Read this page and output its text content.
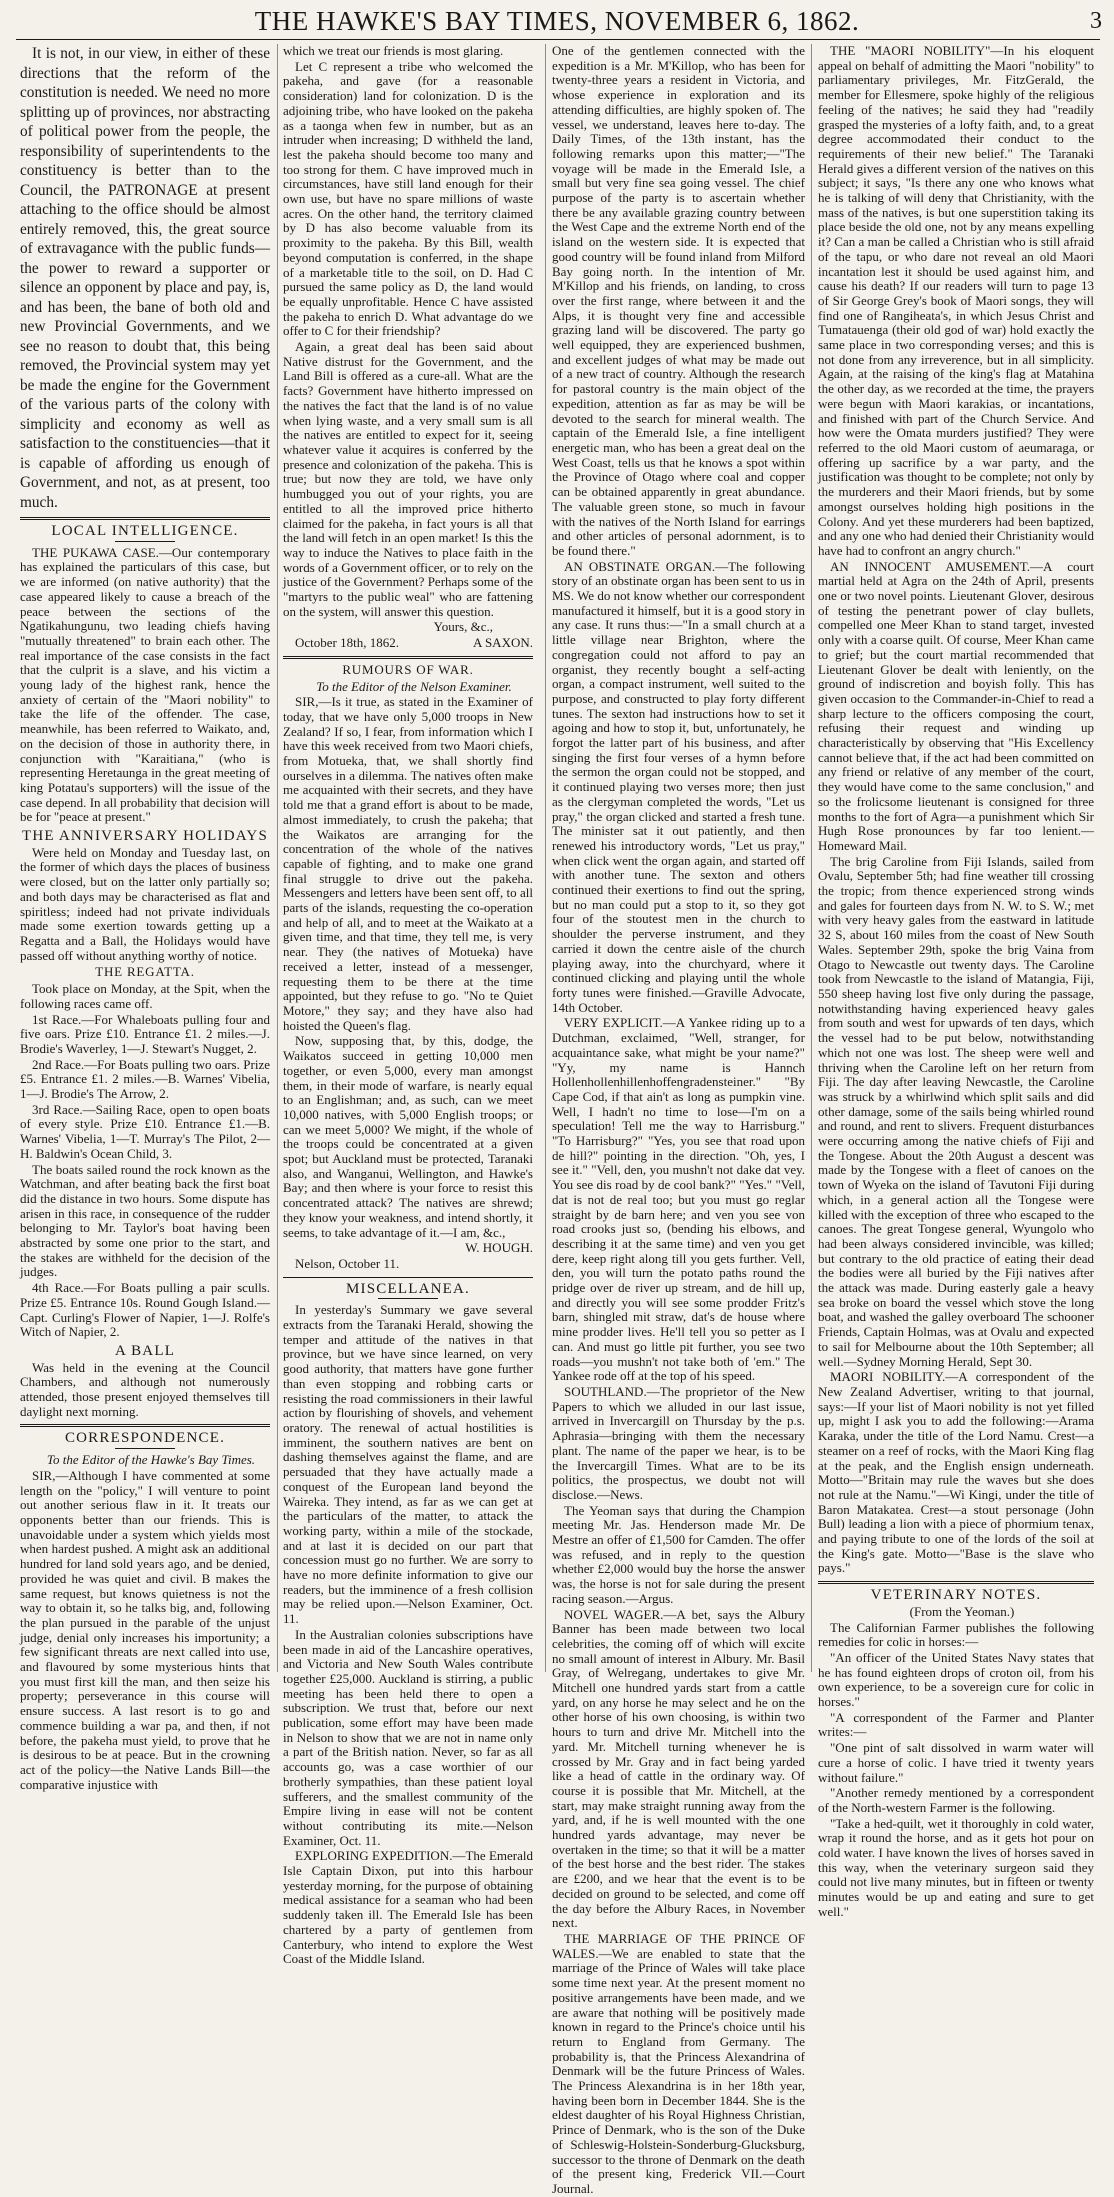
THE HAWKE'S BAY TIMES, NOVEMBER 6, 1862.	3

It is not, in our view, in either of these directions that the reform of the constitution is needed. We need no more splitting up of provinces, nor abstracting of political power from the people, the responsibility of superintendents to the constituency is better than to the Council, the PATRONAGE at present attaching to the office should be almost entirely removed, this, the great source of extravagance with the public funds—the power to reward a supporter or silence an opponent by place and pay, is, and has been, the bane of both old and new Provincial Governments, and we see no reason to doubt that, this being removed, the Provincial system may yet be made the engine for the Government of the various parts of the colony with simplicity and economy as well as satisfaction to the constituencies—that it is capable of affording us enough of Government, and not, as at present, too much.

LOCAL INTELLIGENCE.

THE PUKAWA CASE.—Our contemporary has explained the particulars of this case, but we are informed (on native authority) that the case appeared likely to cause a breach of the peace between the sections of the Ngatikahungunu, two leading chiefs having "mutually threatened" to brain each other. The real importance of the case consists in the fact that the culprit is a slave, and his victim a young lady of the highest rank, hence the anxiety of certain of the "Maori nobility" to take the life of the offender. The case, meanwhile, has been referred to Waikato, and, on the decision of those in authority there, in conjunction with "Karaitiana," (who is representing Heretaunga in the great meeting of king Potatau's supporters) will the issue of the case depend. In all probability that decision will be for "peace at present."

THE ANNIVERSARY HOLIDAYS

Were held on Monday and Tuesday last, on the former of which days the places of business were closed, but on the latter only partially so; and both days may be characterised as flat and spiritless; indeed had not private individuals made some exertion towards getting up a Regatta and a Ball, the Holidays would have passed off without anything worthy of notice.

THE REGATTA.

Took place on Monday, at the Spit, when the following races came off.

1st Race.—For Whaleboats pulling four and five oars. Prize £10. Entrance £1. 2 miles.—J. Brodie's Waverley, 1—J. Stewart's Nugget, 2.

2nd Race.—For Boats pulling two oars. Prize £5. Entrance £1. 2 miles.—B. Warnes' Vibelia, 1—J. Brodie's The Arrow, 2.

3rd Race.—Sailing Race, open to open boats of every style. Prize £10. Entrance £1.—B. Warnes' Vibelia, 1—T. Murray's The Pilot, 2—H. Baldwin's Ocean Child, 3.

The boats sailed round the rock known as the Watchman, and after beating back the first boat did the distance in two hours. Some dispute has arisen in this race, in consequence of the rudder belonging to Mr. Taylor's boat having been abstracted by some one prior to the start, and the stakes are withheld for the decision of the judges.

4th Race.—For Boats pulling a pair sculls. Prize £5. Entrance 10s. Round Gough Island.—Capt. Curling's Flower of Napier, 1—J. Rolfe's Witch of Napier, 2.

A BALL

Was held in the evening at the Council Chambers, and although not numerously attended, those present enjoyed themselves till daylight next morning.

CORRESPONDENCE.

To the Editor of the Hawke's Bay Times.

SIR,—Although I have commented at some length on the "policy," I will venture to point out another serious flaw in it. It treats our opponents better than our friends. This is unavoidable under a system which yields most when hardest pushed. A might ask an additional hundred for land sold years ago, and be denied, provided he was quiet and civil. B makes the same request, but knows quietness is not the way to obtain it, so he talks big, and, following the plan pursued in the parable of the unjust judge, denial only increases his importunity; a few significant threats are next called into use, and flavoured by some mysterious hints that you must first kill the man, and then seize his property; perseverance in this course will ensure success. A last resort is to go and commence building a war pa, and then, if not before, the pakeha must yield, to prove that he is desirous to be at peace. But in the crowning act of the policy—the Native Lands Bill—the comparative injustice with

which we treat our friends is most glaring.

Let C represent a tribe who welcomed the pakeha, and gave (for a reasonable consideration) land for colonization. D is the adjoining tribe, who have looked on the pakeha as a taonga when few in number, but as an intruder when increasing; D withheld the land, lest the pakeha should become too many and too strong for them. C have improved much in circumstances, have still land enough for their own use, but have no spare millions of waste acres. On the other hand, the territory claimed by D has also become valuable from its proximity to the pakeha. By this Bill, wealth beyond computation is conferred, in the shape of a marketable title to the soil, on D. Had C pursued the same policy as D, the land would be equally unprofitable. Hence C have assisted the pakeha to enrich D. What advantage do we offer to C for their friendship?

Again, a great deal has been said about Native distrust for the Government, and the Land Bill is offered as a cure-all. What are the facts? Government have hitherto impressed on the natives the fact that the land is of no value when lying waste, and a very small sum is all the natives are entitled to expect for it, seeing whatever value it acquires is conferred by the presence and colonization of the pakeha. This is true; but now they are told, we have only humbugged you out of your rights, you are entitled to all the improved price hitherto claimed for the pakeha, in fact yours is all that the land will fetch in an open market! Is this the way to induce the Natives to place faith in the words of a Government officer, or to rely on the justice of the Government? Perhaps some of the "martyrs to the public weal" who are fattening on the system, will answer this question.

Yours, &c.,

October 18th, 1862.	A SAXON.

RUMOURS OF WAR.

To the Editor of the Nelson Examiner.

SIR,—Is it true, as stated in the Examiner of today, that we have only 5,000 troops in New Zealand? If so, I fear, from information which I have this week received from two Maori chiefs, from Motueka, that, we shall shortly find ourselves in a dilemma. The natives often make me acquainted with their secrets, and they have told me that a grand effort is about to be made, almost immediately, to crush the pakeha; that the Waikatos are arranging for the concentration of the whole of the natives capable of fighting, and to make one grand final struggle to drive out the pakeha. Messengers and letters have been sent off, to all parts of the islands, requesting the co-operation and help of all, and to meet at the Waikato at a given time, and that time, they tell me, is very near. They (the natives of Motueka) have received a letter, instead of a messenger, requesting them to be there at the time appointed, but they refuse to go. "No te Quiet Motore," they say; and they have also had hoisted the Queen's flag.

Now, supposing that, by this, dodge, the Waikatos succeed in getting 10,000 men together, or even 5,000, every man amongst them, in their mode of warfare, is nearly equal to an Englishman; and, as such, can we meet 10,000 natives, with 5,000 English troops; or can we meet 5,000? We might, if the whole of the troops could be concentrated at a given spot; but Auckland must be protected, Taranaki also, and Wanganui, Wellington, and Hawke's Bay; and then where is your force to resist this concentrated attack? The natives are shrewd; they know your weakness, and intend shortly, it seems, to take advantage of it.—I am, &c.,

W. HOUGH.

Nelson, October 11.

MISCELLANEA.

In yesterday's Summary we gave several extracts from the Taranaki Herald, showing the temper and attitude of the natives in that province, but we have since learned, on very good authority, that matters have gone further than even stopping and robbing carts or resisting the road commissioners in their lawful action by flourishing of shovels, and vehement oratory. The renewal of actual hostilities is imminent, the southern natives are bent on dashing themselves against the flame, and are persuaded that they have actually made a conquest of the European land beyond the Waireka. They intend, as far as we can get at the particulars of the matter, to attack the working party, within a mile of the stockade, and at last it is decided on our part that concession must go no further. We are sorry to have no more definite information to give our readers, but the imminence of a fresh collision may be relied upon.—Nelson Examiner, Oct. 11.

In the Australian colonies subscriptions have been made in aid of the Lancashire operatives, and Victoria and New South Wales contribute together £25,000. Auckland is stirring, a public meeting has been held there to open a subscription. We trust that, before our next publication, some effort may have been made in Nelson to show that we are not in name only a part of the British nation. Never, so far as all accounts go, was a case worthier of our brotherly sympathies, than these patient loyal sufferers, and the smallest community of the Empire living in ease will not be content without contributing its mite.—Nelson Examiner, Oct. 11.

EXPLORING EXPEDITION.—The Emerald Isle Captain Dixon, put into this harbour yesterday morning, for the purpose of obtaining medical assistance for a seaman who had been suddenly taken ill. The Emerald Isle has been chartered by a party of gentlemen from Canterbury, who intend to explore the West Coast of the Middle Island.

One of the gentlemen connected with the expedition is a Mr. M'Killop, who has been for twenty-three years a resident in Victoria, and whose experience in exploration and its attending difficulties, are highly spoken of. The vessel, we understand, leaves here to-day. The Daily Times, of the 13th instant, has the following remarks upon this matter;—"The voyage will be made in the Emerald Isle, a small but very fine sea going vessel. The chief purpose of the party is to ascertain whether there be any available grazing country between the West Cape and the extreme North end of the island on the western side. It is expected that good country will be found inland from Milford Bay going north. In the intention of Mr. M'Killop and his friends, on landing, to cross over the first range, where between it and the Alps, it is thought very fine and accessible grazing land will be discovered. The party go well equipped, they are experienced bushmen, and excellent judges of what may be made out of a new tract of country. Although the research for pastoral country is the main object of the expedition, attention as far as may be will be devoted to the search for mineral wealth. The captain of the Emerald Isle, a fine intelligent energetic man, who has been a great deal on the West Coast, tells us that he knows a spot within the Province of Otago where coal and copper can be obtained apparently in great abundance. The valuable green stone, so much in favour with the natives of the North Island for earrings and other articles of personal adornment, is to be found there."

AN OBSTINATE ORGAN.—The following story of an obstinate organ has been sent to us in MS. We do not know whether our correspondent manufactured it himself, but it is a good story in any case. It runs thus:—"In a small church at a little village near Brighton, where the congregation could not afford to pay an organist, they recently bought a self-acting organ, a compact instrument, well suited to the purpose, and constructed to play forty different tunes. The sexton had instructions how to set it agoing and how to stop it, but, unfortunately, he forgot the latter part of his business, and after singing the first four verses of a hymn before the sermon the organ could not be stopped, and it continued playing two verses more; then just as the clergyman completed the words, "Let us pray," the organ clicked and started a fresh tune. The minister sat it out patiently, and then renewed his introductory words, "Let us pray," when click went the organ again, and started off with another tune. The sexton and others continued their exertions to find out the spring, but no man could put a stop to it, so they got four of the stoutest men in the church to shoulder the perverse instrument, and they carried it down the centre aisle of the church playing away, into the churchyard, where it continued clicking and playing until the whole forty tunes were finished.—Graville Advocate, 14th October.

VERY EXPLICIT.—A Yankee riding up to a Dutchman, exclaimed, "Well, stranger, for acquaintance sake, what might be your name?" "Yy, my name is Hannch Hollenhollenhillenhoffengradensteiner." "By Cape Cod, if that ain't as long as pumpkin vine. Well, I hadn't no time to lose—I'm on a speculation! Tell me the way to Harrisburg." "To Harrisburg?" "Yes, you see that road upon de hill?" pointing in the direction. "Oh, yes, I see it." "Vell, den, you mushn't not dake dat vey. You see dis road by de cool bank?" "Yes." "Vell, dat is not de real too; but you must go reglar straight by de barn here; and ven you see von road crooks just so, (bending his elbows, and describing it at the same time) and ven you get dere, keep right along till you gets further. Vell, den, you will turn the potato paths round the pridge over de river up stream, and de hill up, and directly you will see some prodder Fritz's barn, shingled mit straw, dat's de house where mine prodder lives. He'll tell you so petter as I can. And must go little pit further, you see two roads—you mushn't not take both of 'em." The Yankee rode off at the top of his speed.

SOUTHLAND.—The proprietor of the New Papers to which we alluded in our last issue, arrived in Invercargill on Thursday by the p.s. Aphrasia—bringing with them the necessary plant. The name of the paper we hear, is to be the Invercargill Times. What are to be its politics, the prospectus, we doubt not will disclose.—News.

The Yeoman says that during the Champion meeting Mr. Jas. Henderson made Mr. De Mestre an offer of £1,500 for Camden. The offer was refused, and in reply to the question whether £2,000 would buy the horse the answer was, the horse is not for sale during the present racing season.—Argus.

NOVEL WAGER.—A bet, says the Albury Banner has been made between two local celebrities, the coming off of which will excite no small amount of interest in Albury. Mr. Basil Gray, of Welregang, undertakes to give Mr. Mitchell one hundred yards start from a cattle yard, on any horse he may select and he on the other horse of his own choosing, is within two hours to turn and drive Mr. Mitchell into the yard. Mr. Mitchell turning whenever he is crossed by Mr. Gray and in fact being yarded like a head of cattle in the ordinary way. Of course it is possible that Mr. Mitchell, at the start, may make straight running away from the yard, and, if he is well mounted with the one hundred yards advantage, may never be overtaken in the time; so that it will be a matter of the best horse and the best rider. The stakes are £200, and we hear that the event is to be decided on ground to be selected, and come off the day before the Albury Races, in November next.

THE MARRIAGE OF THE PRINCE OF WALES.—We are enabled to state that the marriage of the Prince of Wales will take place some time next year. At the present moment no positive arrangements have been made, and we are aware that nothing will be positively made known in regard to the Prince's choice until his return to England from Germany. The probability is, that the Princess Alexandrina of Denmark will be the future Princess of Wales. The Princess Alexandrina is in her 18th year, having been born in December 1844. She is the eldest daughter of his Royal Highness Christian, Prince of Denmark, who is the son of the Duke of Schleswig-Holstein-Sonderburg-Glucksburg, successor to the throne of Denmark on the death of the present king, Frederick VII.—Court Journal.

THE "MAORI NOBILITY"—In his eloquent appeal on behalf of admitting the Maori "nobility" to parliamentary privileges, Mr. FitzGerald, the member for Ellesmere, spoke highly of the religious feeling of the natives; he said they had "readily grasped the mysteries of a lofty faith, and, to a great degree accommodated their conduct to the requirements of their new belief." The Taranaki Herald gives a different version of the natives on this subject; it says, "Is there any one who knows what he is talking of will deny that Christianity, with the mass of the natives, is but one superstition taking its place beside the old one, not by any means expelling it? Can a man be called a Christian who is still afraid of the tapu, or who dare not reveal an old Maori incantation lest it should be used against him, and cause his death? If our readers will turn to page 13 of Sir George Grey's book of Maori songs, they will find one of Rangiheata's, in which Jesus Christ and Tumatauenga (their old god of war) hold exactly the same place in two corresponding verses; and this is not done from any irreverence, but in all simplicity. Again, at the raising of the king's flag at Matahina the other day, as we recorded at the time, the prayers were begun with Maori karakias, or incantations, and finished with part of the Church Service. And how were the Omata murders justified? They were referred to the old Maori custom of aeumaraga, or offering up sacrifice by a war party, and the justification was thought to be complete; not only by the murderers and their Maori friends, but by some amongst ourselves holding high positions in the Colony. And yet these murderers had been baptized, and any one who had denied their Christianity would have had to confront an angry church."

AN INNOCENT AMUSEMENT.—A court martial held at Agra on the 24th of April, presents one or two novel points. Lieutenant Glover, desirous of testing the penetrant power of clay bullets, compelled one Meer Khan to stand target, invested only with a coarse quilt. Of course, Meer Khan came to grief; but the court martial recommended that Lieutenant Glover be dealt with leniently, on the ground of indiscretion and boyish folly. This has given occasion to the Commander-in-Chief to read a sharp lecture to the officers composing the court, refusing their request and winding up characteristically by observing that "His Excellency cannot believe that, if the act had been committed on any friend or relative of any member of the court, they would have come to the same conclusion," and so the frolicsome lieutenant is consigned for three months to the fort of Agra—a punishment which Sir Hugh Rose pronounces by far too lenient.—Homeward Mail.

The brig Caroline from Fiji Islands, sailed from Ovalu, September 5th; had fine weather till crossing the tropic; from thence experienced strong winds and gales for fourteen days from N. W. to S. W.; met with very heavy gales from the eastward in latitude 32 S, about 160 miles from the coast of New South Wales. September 29th, spoke the brig Vaina from Otago to Newcastle out twenty days. The Caroline took from Newcastle to the island of Matangia, Fiji, 550 sheep having lost five only during the passage, notwithstanding having experienced heavy gales from south and west for upwards of ten days, which the vessel had to be put below, notwithstanding which not one was lost. The sheep were well and thriving when the Caroline left on her return from Fiji. The day after leaving Newcastle, the Caroline was struck by a whirlwind which split sails and did other damage, some of the sails being whirled round and round, and rent to slivers. Frequent disturbances were occurring among the native chiefs of Fiji and the Tongese. About the 20th August a descent was made by the Tongese with a fleet of canoes on the town of Wyeka on the island of Tavutoni Fiji during which, in a general action all the Tongese were killed with the exception of three who escaped to the canoes. The great Tongese general, Wyungolo who had been always considered invincible, was killed; but contrary to the old practice of eating their dead the bodies were all buried by the Fiji natives after the attack was made. During easterly gale a heavy sea broke on board the vessel which stove the long boat, and washed the galley overboard The schooner Friends, Captain Holmas, was at Ovalu and expected to sail for Melbourne about the 10th September; all well.—Sydney Morning Herald, Sept 30.

MAORI NOBILITY.—A correspondent of the New Zealand Advertiser, writing to that journal, says:—If your list of Maori nobility is not yet filled up, might I ask you to add the following:—Arama Karaka, under the title of the Lord Namu. Crest—a steamer on a reef of rocks, with the Maori King flag at the peak, and the English ensign underneath. Motto—"Britain may rule the waves but she does not rule at the Namu."—Wi Kingi, under the title of Baron Matakatea. Crest—a stout personage (John Bull) leading a lion with a piece of phormium tenax, and paying tribute to one of the lords of the soil at the King's gate. Motto—"Base is the slave who pays."

VETERINARY NOTES.

(From the Yeoman.)

The Californian Farmer publishes the following remedies for colic in horses:—

"An officer of the United States Navy states that he has found eighteen drops of croton oil, from his own experience, to be a sovereign cure for colic in horses."

"A correspondent of the Farmer and Planter writes:—

"One pint of salt dissolved in warm water will cure a horse of colic. I have tried it twenty years without failure."

"Another remedy mentioned by a correspondent of the North-western Farmer is the following.

"Take a hed-quilt, wet it thoroughly in cold water, wrap it round the horse, and as it gets hot pour on cold water. I have known the lives of horses saved in this way, when the veterinary surgeon said they could not live many minutes, but in fifteen or twenty minutes would be up and eating and sure to get well."
